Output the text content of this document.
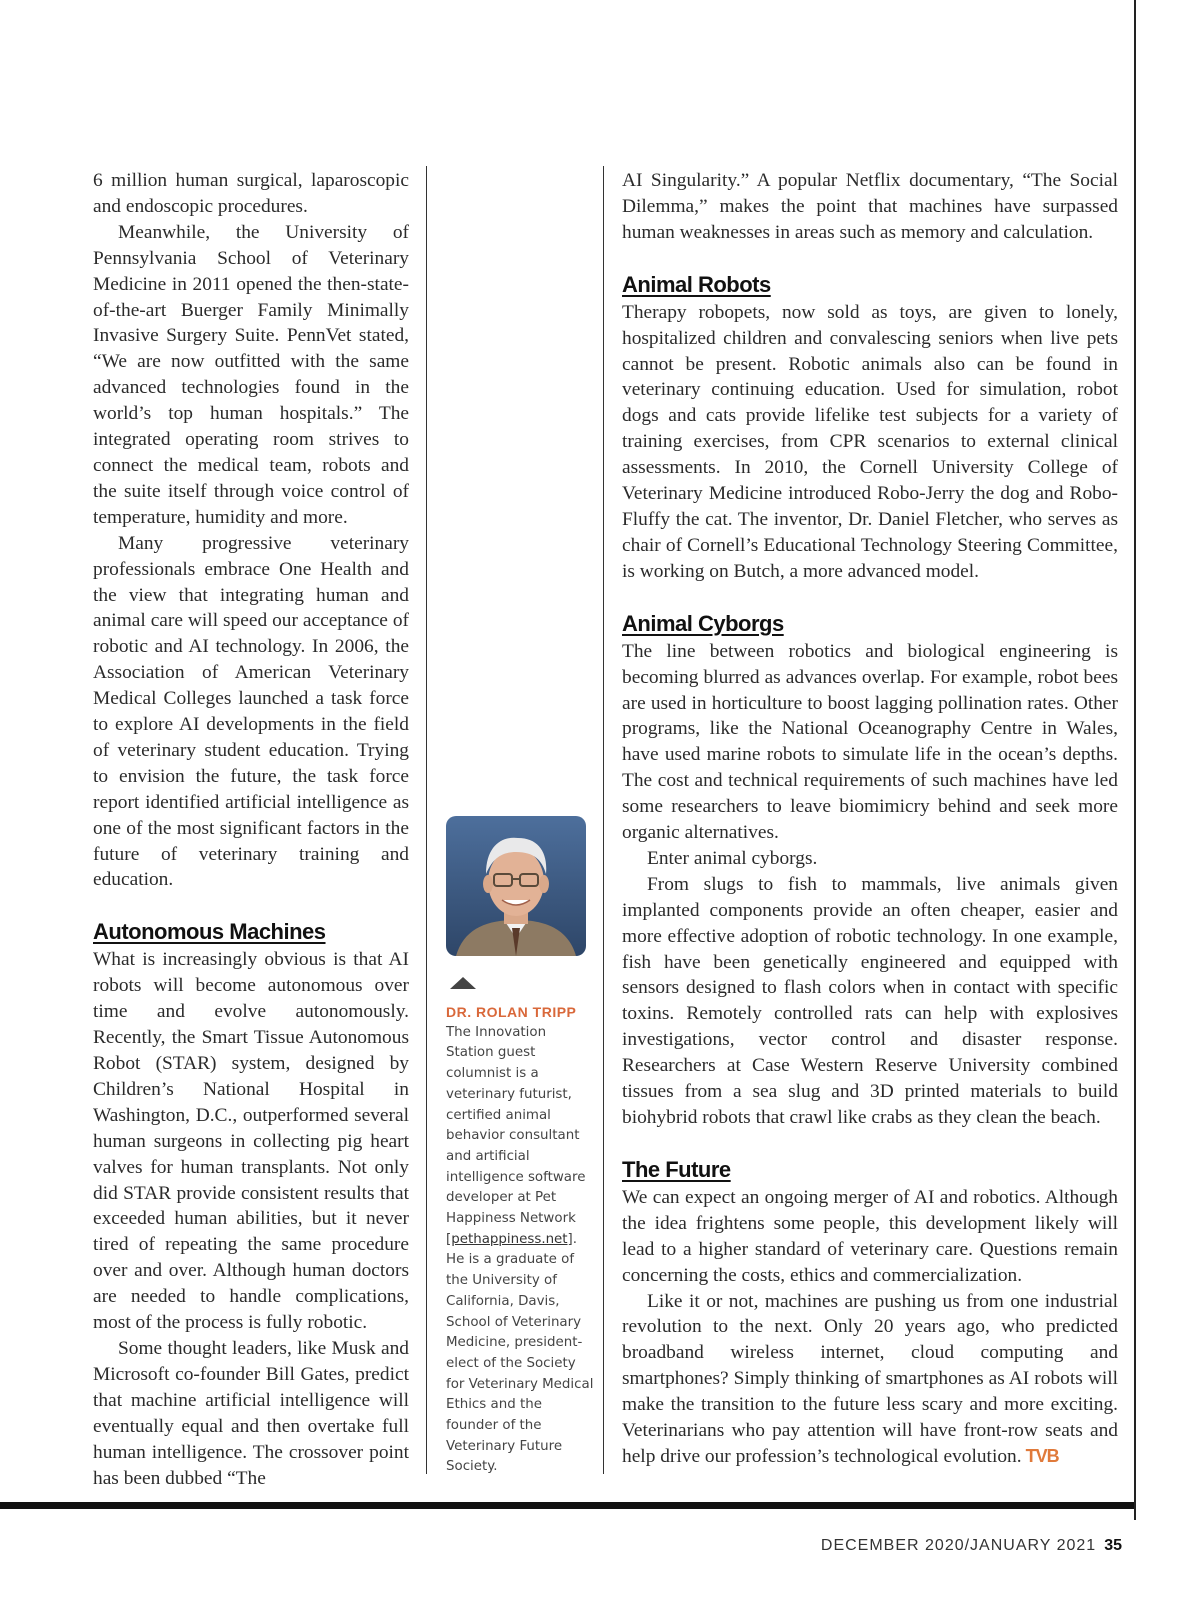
6 million human surgical, laparoscopic and endoscopic procedures.

Meanwhile, the University of Pennsylvania School of Veterinary Medicine in 2011 opened the then-state-of-the-art Buerger Family Minimally Invasive Surgery Suite. PennVet stated, “We are now outfitted with the same advanced technologies found in the world’s top human hospitals.” The integrated operating room strives to connect the medical team, robots and the suite itself through voice control of temperature, humidity and more.

Many progressive veterinary professionals embrace One Health and the view that integrating human and animal care will speed our acceptance of robotic and AI technology. In 2006, the Association of American Veterinary Medical Colleges launched a task force to explore AI developments in the field of veterinary student education. Trying to envision the future, the task force report identified artificial intelligence as one of the most significant factors in the future of veterinary training and education.

Autonomous Machines

What is increasingly obvious is that AI robots will become autonomous over time and evolve autonomously. Recently, the Smart Tissue Autonomous Robot (STAR) system, designed by Children’s National Hospital in Washington, D.C., outperformed several human surgeons in collecting pig heart valves for human transplants. Not only did STAR provide consistent results that exceeded human abilities, but it never tired of repeating the same procedure over and over. Although human doctors are needed to handle complications, most of the process is fully robotic.

Some thought leaders, like Musk and Microsoft co-founder Bill Gates, predict that machine artificial intelligence will eventually equal and then overtake full human intelligence. The crossover point has been dubbed “The

DR. ROLAN TRIPP
The Innovation Station guest columnist is a veterinary futurist, certified animal behavior consultant and artificial intelligence software developer at Pet Happiness Network [pethappiness.net]. He is a graduate of the University of California, Davis, School of Veterinary Medicine, president-elect of the Society for Veterinary Medical Ethics and the founder of the Veterinary Future Society.

AI Singularity.” A popular Netflix documentary, “The Social Dilemma,” makes the point that machines have surpassed human weaknesses in areas such as memory and calculation.

Animal Robots

Therapy robopets, now sold as toys, are given to lonely, hospitalized children and convalescing seniors when live pets cannot be present. Robotic animals also can be found in veterinary continuing education. Used for simulation, robot dogs and cats provide lifelike test subjects for a variety of training exercises, from CPR scenarios to external clinical assessments. In 2010, the Cornell University College of Veterinary Medicine introduced Robo-Jerry the dog and Robo-Fluffy the cat. The inventor, Dr. Daniel Fletcher, who serves as chair of Cornell’s Educational Technology Steering Committee, is working on Butch, a more advanced model.

Animal Cyborgs

The line between robotics and biological engineering is becoming blurred as advances overlap. For example, robot bees are used in horticulture to boost lagging pollination rates. Other programs, like the National Oceanography Centre in Wales, have used marine robots to simulate life in the ocean’s depths. The cost and technical requirements of such machines have led some researchers to leave biomimicry behind and seek more organic alternatives.

Enter animal cyborgs.

From slugs to fish to mammals, live animals given implanted components provide an often cheaper, easier and more effective adoption of robotic technology. In one example, fish have been genetically engineered and equipped with sensors designed to flash colors when in contact with specific toxins. Remotely controlled rats can help with explosives investigations, vector control and disaster response. Researchers at Case Western Reserve University combined tissues from a sea slug and 3D printed materials to build biohybrid robots that crawl like crabs as they clean the beach.

The Future

We can expect an ongoing merger of AI and robotics. Although the idea frightens some people, this development likely will lead to a higher standard of veterinary care. Questions remain concerning the costs, ethics and commercialization.

Like it or not, machines are pushing us from one industrial revolution to the next. Only 20 years ago, who predicted broadband wireless internet, cloud computing and smartphones? Simply thinking of smartphones as AI robots will make the transition to the future less scary and more exciting. Veterinarians who pay attention will have front-row seats and help drive our profession’s technological evolution. TVB

DECEMBER 2020/JANUARY 2021 35
